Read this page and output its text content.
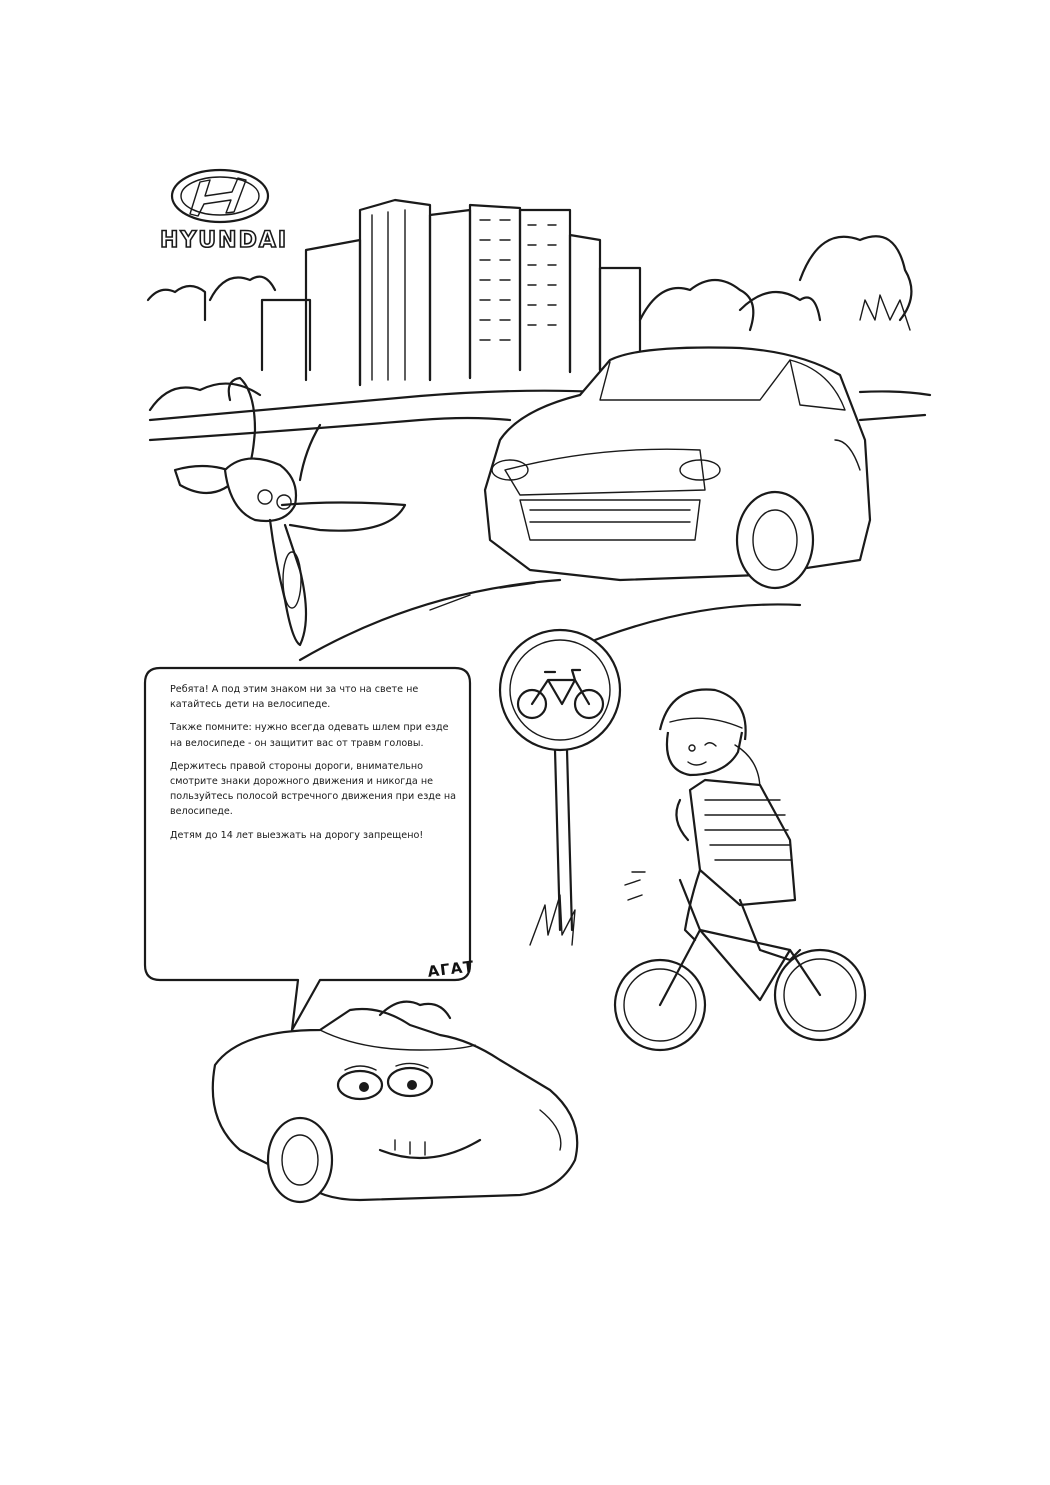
HYUNDAI

Ребята! А под этим знаком ни за что на свете не катайтесь дети на велосипеде.

Также помните: нужно всегда одевать шлем при езде на велосипеде - он защитит вас от травм головы.

Держитесь правой стороны дороги, внимательно смотрите знаки дорожного движения и никогда не пользуйтесь полосой встречного движения при езде на велосипеде.

Детям до 14 лет выезжать на дорогу запрещено!

АГАТ
